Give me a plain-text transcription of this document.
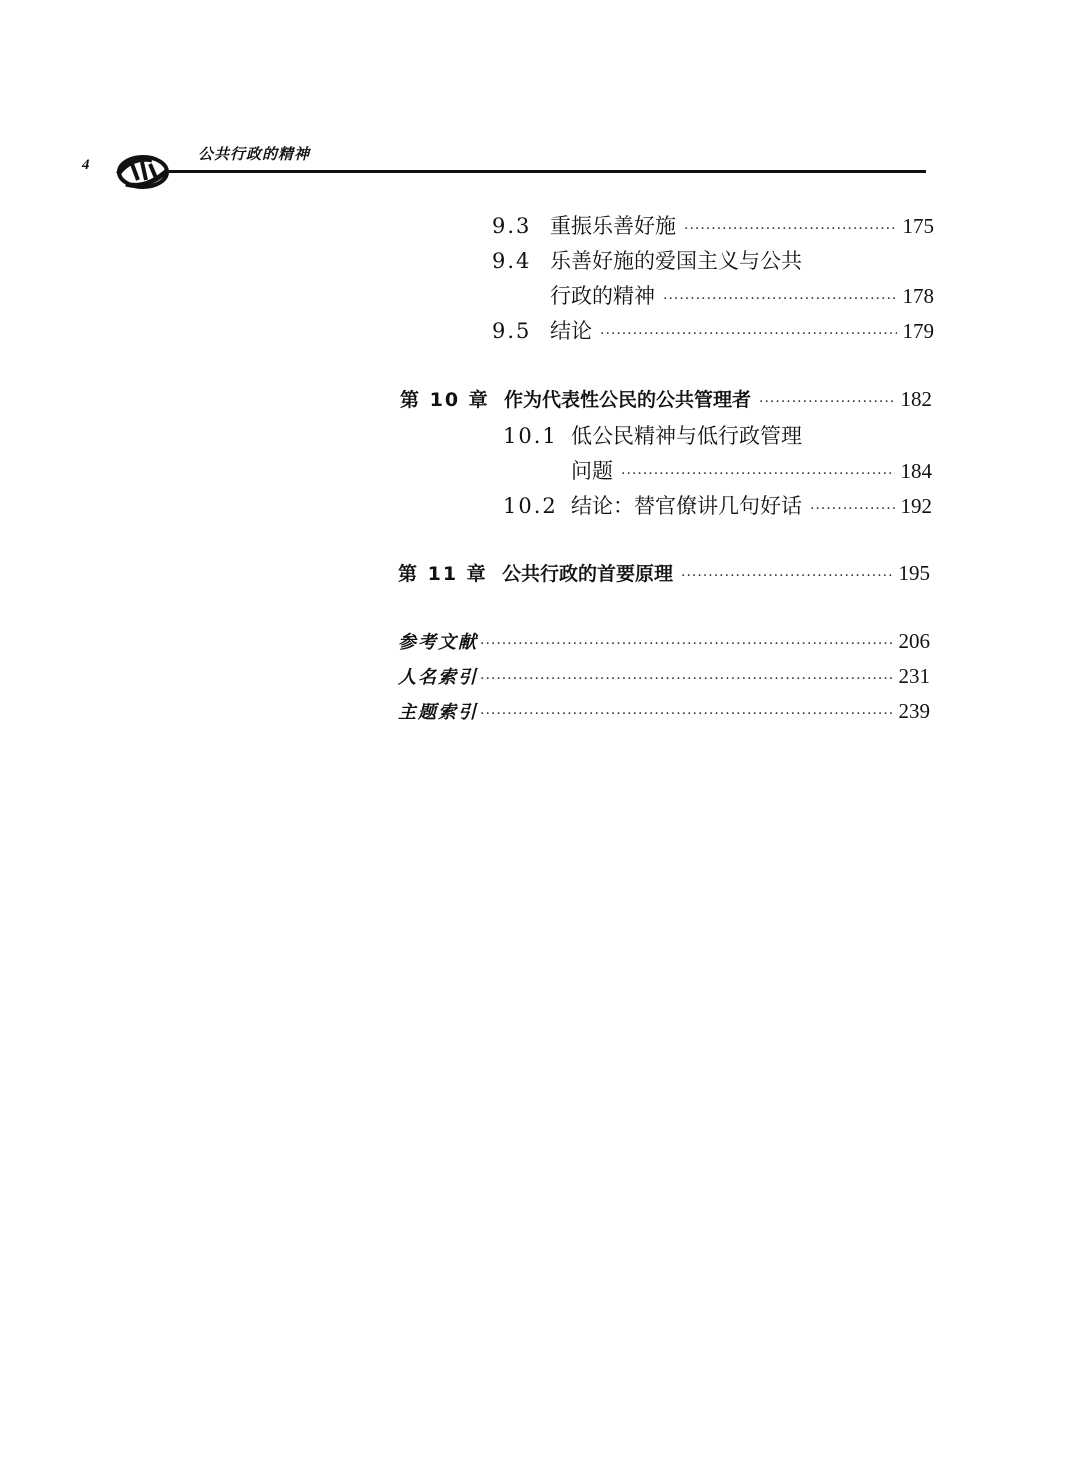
4
公共行政的精神
9.3 重振乐善好施 ·····	175
9.4 乐善好施的爱国主义与公共
行政的精神 ·····	178
9.5 结论 ·····	179
第 10 章 作为代表性公民的公共管理者 ·····	182
10.1 低公民精神与低行政管理
问题 ·····	184
10.2 结论：替官僚讲几句好话 ·····	192
第 11 章 公共行政的首要原理 ·····	195
参考文献 ·····	206
人名索引 ·····	231
主题索引 ·····	239
